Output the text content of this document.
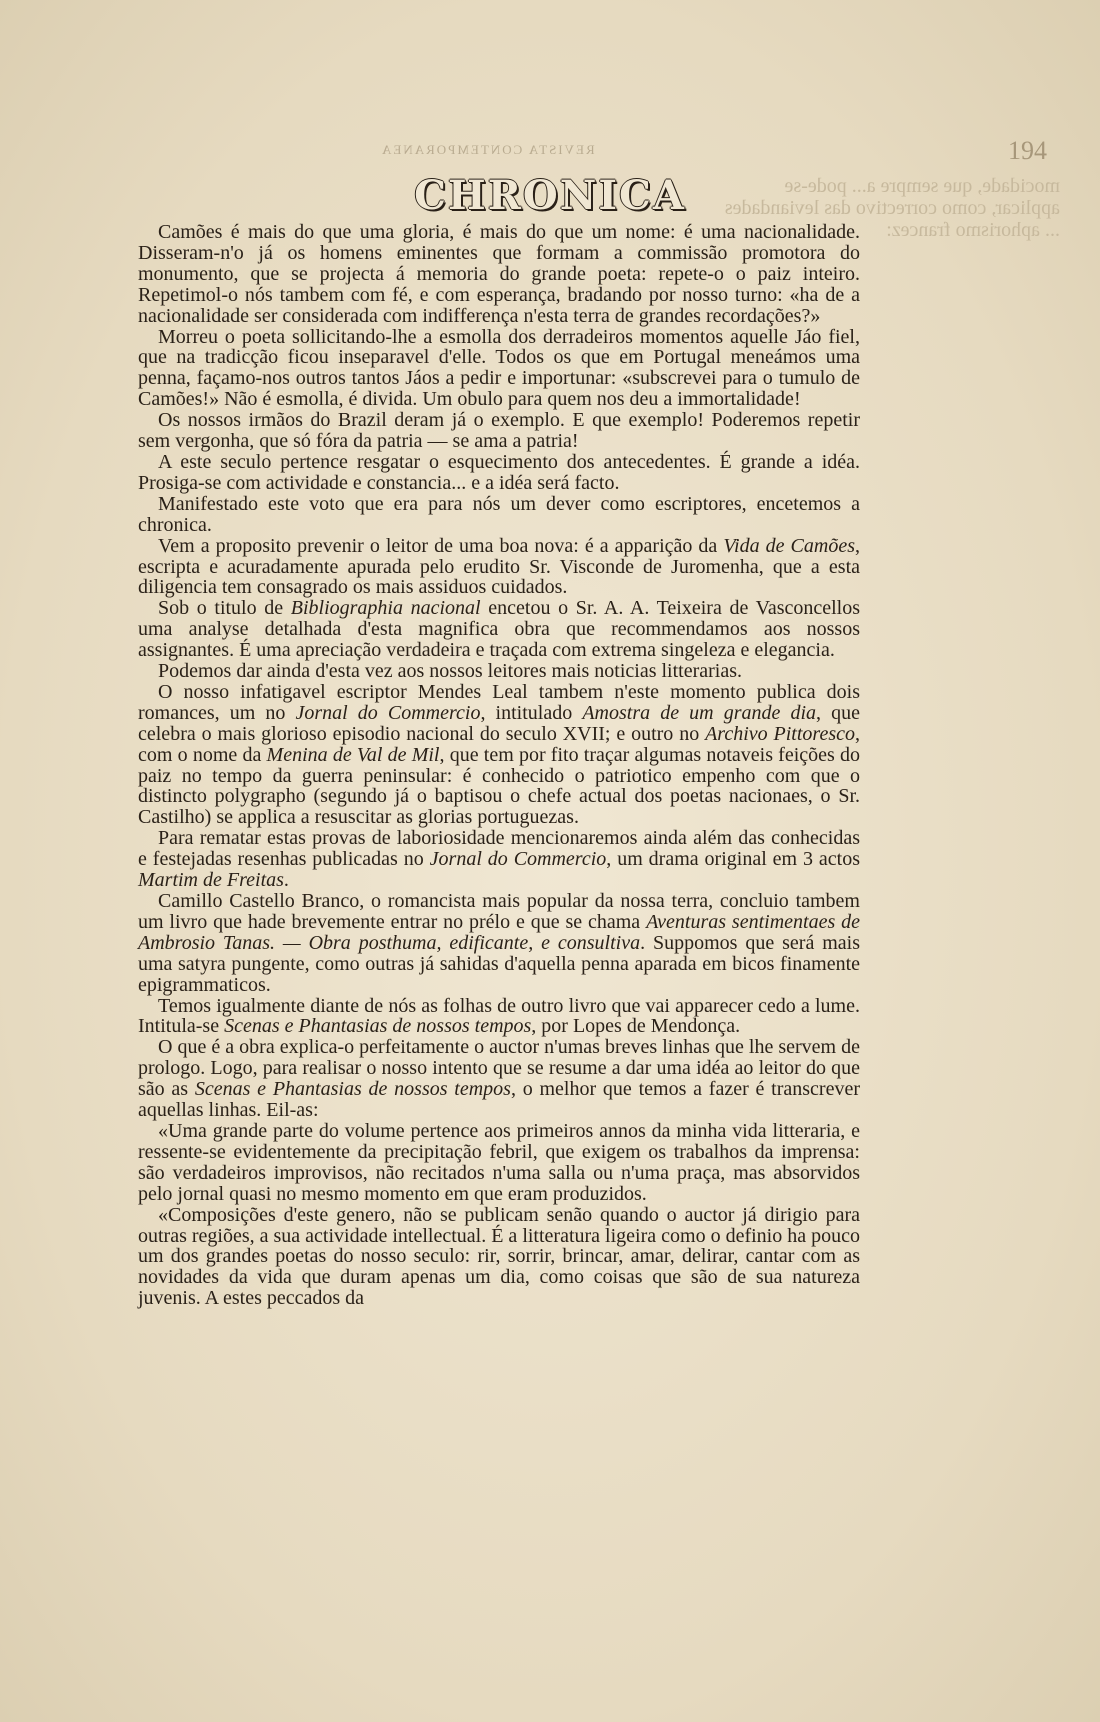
REVISTA CONTEMPORANEA	194
mocidade, que sempre a... pode-se applicar, como correctivo das leviandades ... aphorismo francez:
CHRONICA

Camões é mais do que uma gloria, é mais do que um nome: é uma nacionalidade. Disseram-n'o já os homens eminentes que formam a commissão promotora do monumento, que se projecta á memoria do grande poeta: repete-o o paiz inteiro. Repetimol-o nós tambem com fé, e com esperança, bradando por nosso turno: «ha de a nacionalidade ser considerada com indifferença n'esta terra de grandes recordações?»

Morreu o poeta sollicitando-lhe a esmolla dos derradeiros momentos aquelle Jáo fiel, que na tradicção ficou inseparavel d'elle. Todos os que em Portugal meneámos uma penna, façamo-nos outros tantos Jáos a pedir e importunar: «subscrevei para o tumulo de Camões!» Não é esmolla, é divida. Um obulo para quem nos deu a immortalidade!

Os nossos irmãos do Brazil deram já o exemplo. E que exemplo! Poderemos repetir sem vergonha, que só fóra da patria — se ama a patria!

A este seculo pertence resgatar o esquecimento dos antecedentes. É grande a idéa. Prosiga-se com actividade e constancia... e a idéa será facto.

Manifestado este voto que era para nós um dever como escriptores, encetemos a chronica.

Vem a proposito prevenir o leitor de uma boa nova: é a apparição da Vida de Camões, escripta e acuradamente apurada pelo erudito Sr. Visconde de Juromenha, que a esta diligencia tem consagrado os mais assiduos cuidados.

Sob o titulo de Bibliographia nacional encetou o Sr. A. A. Teixeira de Vasconcellos uma analyse detalhada d'esta magnifica obra que recommendamos aos nossos assignantes. É uma apreciação verdadeira e traçada com extrema singeleza e elegancia.

Podemos dar ainda d'esta vez aos nossos leitores mais noticias litterarias.

O nosso infatigavel escriptor Mendes Leal tambem n'este momento publica dois romances, um no Jornal do Commercio, intitulado Amostra de um grande dia, que celebra o mais glorioso episodio nacional do seculo XVII; e outro no Archivo Pittoresco, com o nome da Menina de Val de Mil, que tem por fito traçar algumas notaveis feições do paiz no tempo da guerra peninsular: é conhecido o patriotico empenho com que o distincto polygrapho (segundo já o baptisou o chefe actual dos poetas nacionaes, o Sr. Castilho) se applica a resuscitar as glorias portuguezas.

Para rematar estas provas de laboriosidade mencionaremos ainda além das conhecidas e festejadas resenhas publicadas no Jornal do Commercio, um drama original em 3 actos Martim de Freitas.

Camillo Castello Branco, o romancista mais popular da nossa terra, concluio tambem um livro que hade brevemente entrar no prélo e que se chama Aventuras sentimentaes de Ambrosio Tanas. — Obra posthuma, edificante, e consultiva. Suppomos que será mais uma satyra pungente, como outras já sahidas d'aquella penna aparada em bicos finamente epigrammaticos.

Temos igualmente diante de nós as folhas de outro livro que vai apparecer cedo a lume. Intitula-se Scenas e Phantasias de nossos tempos, por Lopes de Mendonça.

O que é a obra explica-o perfeitamente o auctor n'umas breves linhas que lhe servem de prologo. Logo, para realisar o nosso intento que se resume a dar uma idéa ao leitor do que são as Scenas e Phantasias de nossos tempos, o melhor que temos a fazer é transcrever aquellas linhas. Eil-as:

«Uma grande parte do volume pertence aos primeiros annos da minha vida litteraria, e ressente-se evidentemente da precipitação febril, que exigem os trabalhos da imprensa: são verdadeiros improvisos, não recitados n'uma salla ou n'uma praça, mas absorvidos pelo jornal quasi no mesmo momento em que eram produzidos.

«Composições d'este genero, não se publicam senão quando o auctor já dirigio para outras regiões, a sua actividade intellectual. É a litteratura ligeira como o definio ha pouco um dos grandes poetas do nosso seculo: rir, sorrir, brincar, amar, delirar, cantar com as novidades da vida que duram apenas um dia, como coisas que são de sua natureza juvenis. A estes peccados da
